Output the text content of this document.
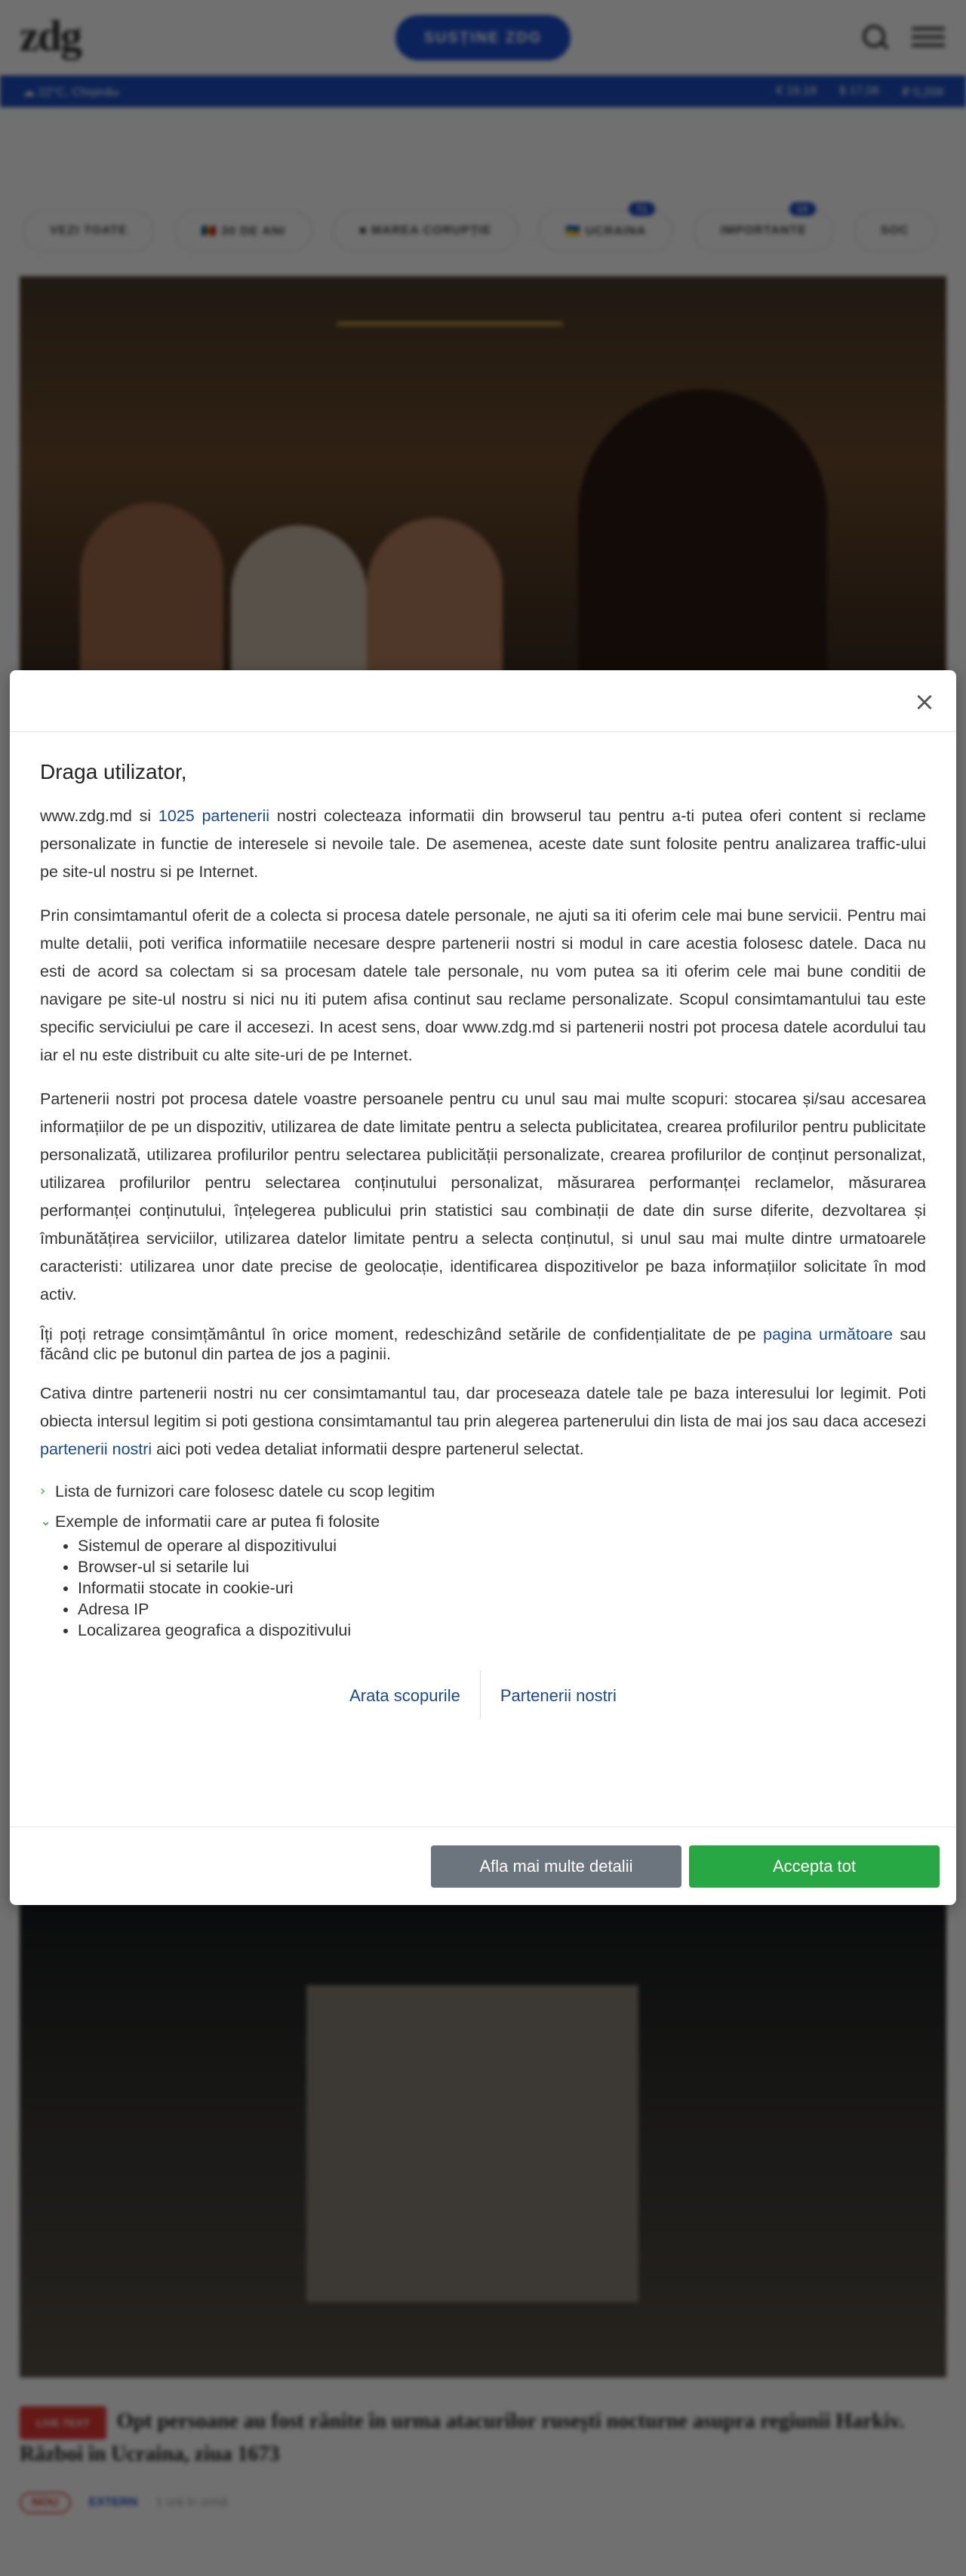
×
Draga utilizator,

www.zdg.md si 1025 partenerii nostri colecteaza informatii din browserul tau pentru a-ti putea oferi content si reclame personalizate in functie de interesele si nevoile tale. De asemenea, aceste date sunt folosite pentru analizarea traffic-ului pe site-ul nostru si pe Internet.

Prin consimtamantul oferit de a colecta si procesa datele personale, ne ajuti sa iti oferim cele mai bune servicii. Pentru mai multe detalii, poti verifica informatiile necesare despre partenerii nostri si modul in care acestia folosesc datele. Daca nu esti de acord sa colectam si sa procesam datele tale personale, nu vom putea sa iti oferim cele mai bune conditii de navigare pe site-ul nostru si nici nu iti putem afisa continut sau reclame personalizate. Scopul consimtamantului tau este specific serviciului pe care il accesezi. In acest sens, doar www.zdg.md si partenerii nostri pot procesa datele acordului tau iar el nu este distribuit cu alte site-uri de pe Internet.

Partenerii nostri pot procesa datele voastre persoanele pentru cu unul sau mai multe scopuri: stocarea și/sau accesarea informațiilor de pe un dispozitiv, utilizarea de date limitate pentru a selecta publicitatea, crearea profilurilor pentru publicitate personalizată, utilizarea profilurilor pentru selectarea publicității personalizate, crearea profilurilor de conținut personalizat, utilizarea profilurilor pentru selectarea conținutului personalizat, măsurarea performanței reclamelor, măsurarea performanței conținutului, înțelegerea publicului prin statistici sau combinații de date din surse diferite, dezvoltarea și îmbunătățirea serviciilor, utilizarea datelor limitate pentru a selecta conținutul, si unul sau mai multe dintre urmatoarele caracteristi: utilizarea unor date precise de geolocație, identificarea dispozitivelor pe baza informațiilor solicitate în mod activ.

Îți poți retrage consimțământul în orice moment, redeschizând setările de confidențialitate de pe pagina următoare sau făcând clic pe butonul din partea de jos a paginii.

Cativa dintre partenerii nostri nu cer consimtamantul tau, dar proceseaza datele tale pe baza interesului lor legimit. Poti obiecta intersul legitim si poti gestiona consimtamantul tau prin alegerea partenerului din lista de mai jos sau daca accesezi partenerii nostri aici poti vedea detaliat informatii despre partenerul selectat.

› Lista de furnizori care folosesc datele cu scop legitim
⌄ Exemple de informatii care ar putea fi folosite
• Sistemul de operare al dispozitivului
• Browser-ul si setarile lui
• Informatii stocate in cookie-uri
• Adresa IP
• Localizarea geografica a dispozitivului
Arata scopurile	Partenerii nostri
Afla mai multe detalii	Accepta tot
